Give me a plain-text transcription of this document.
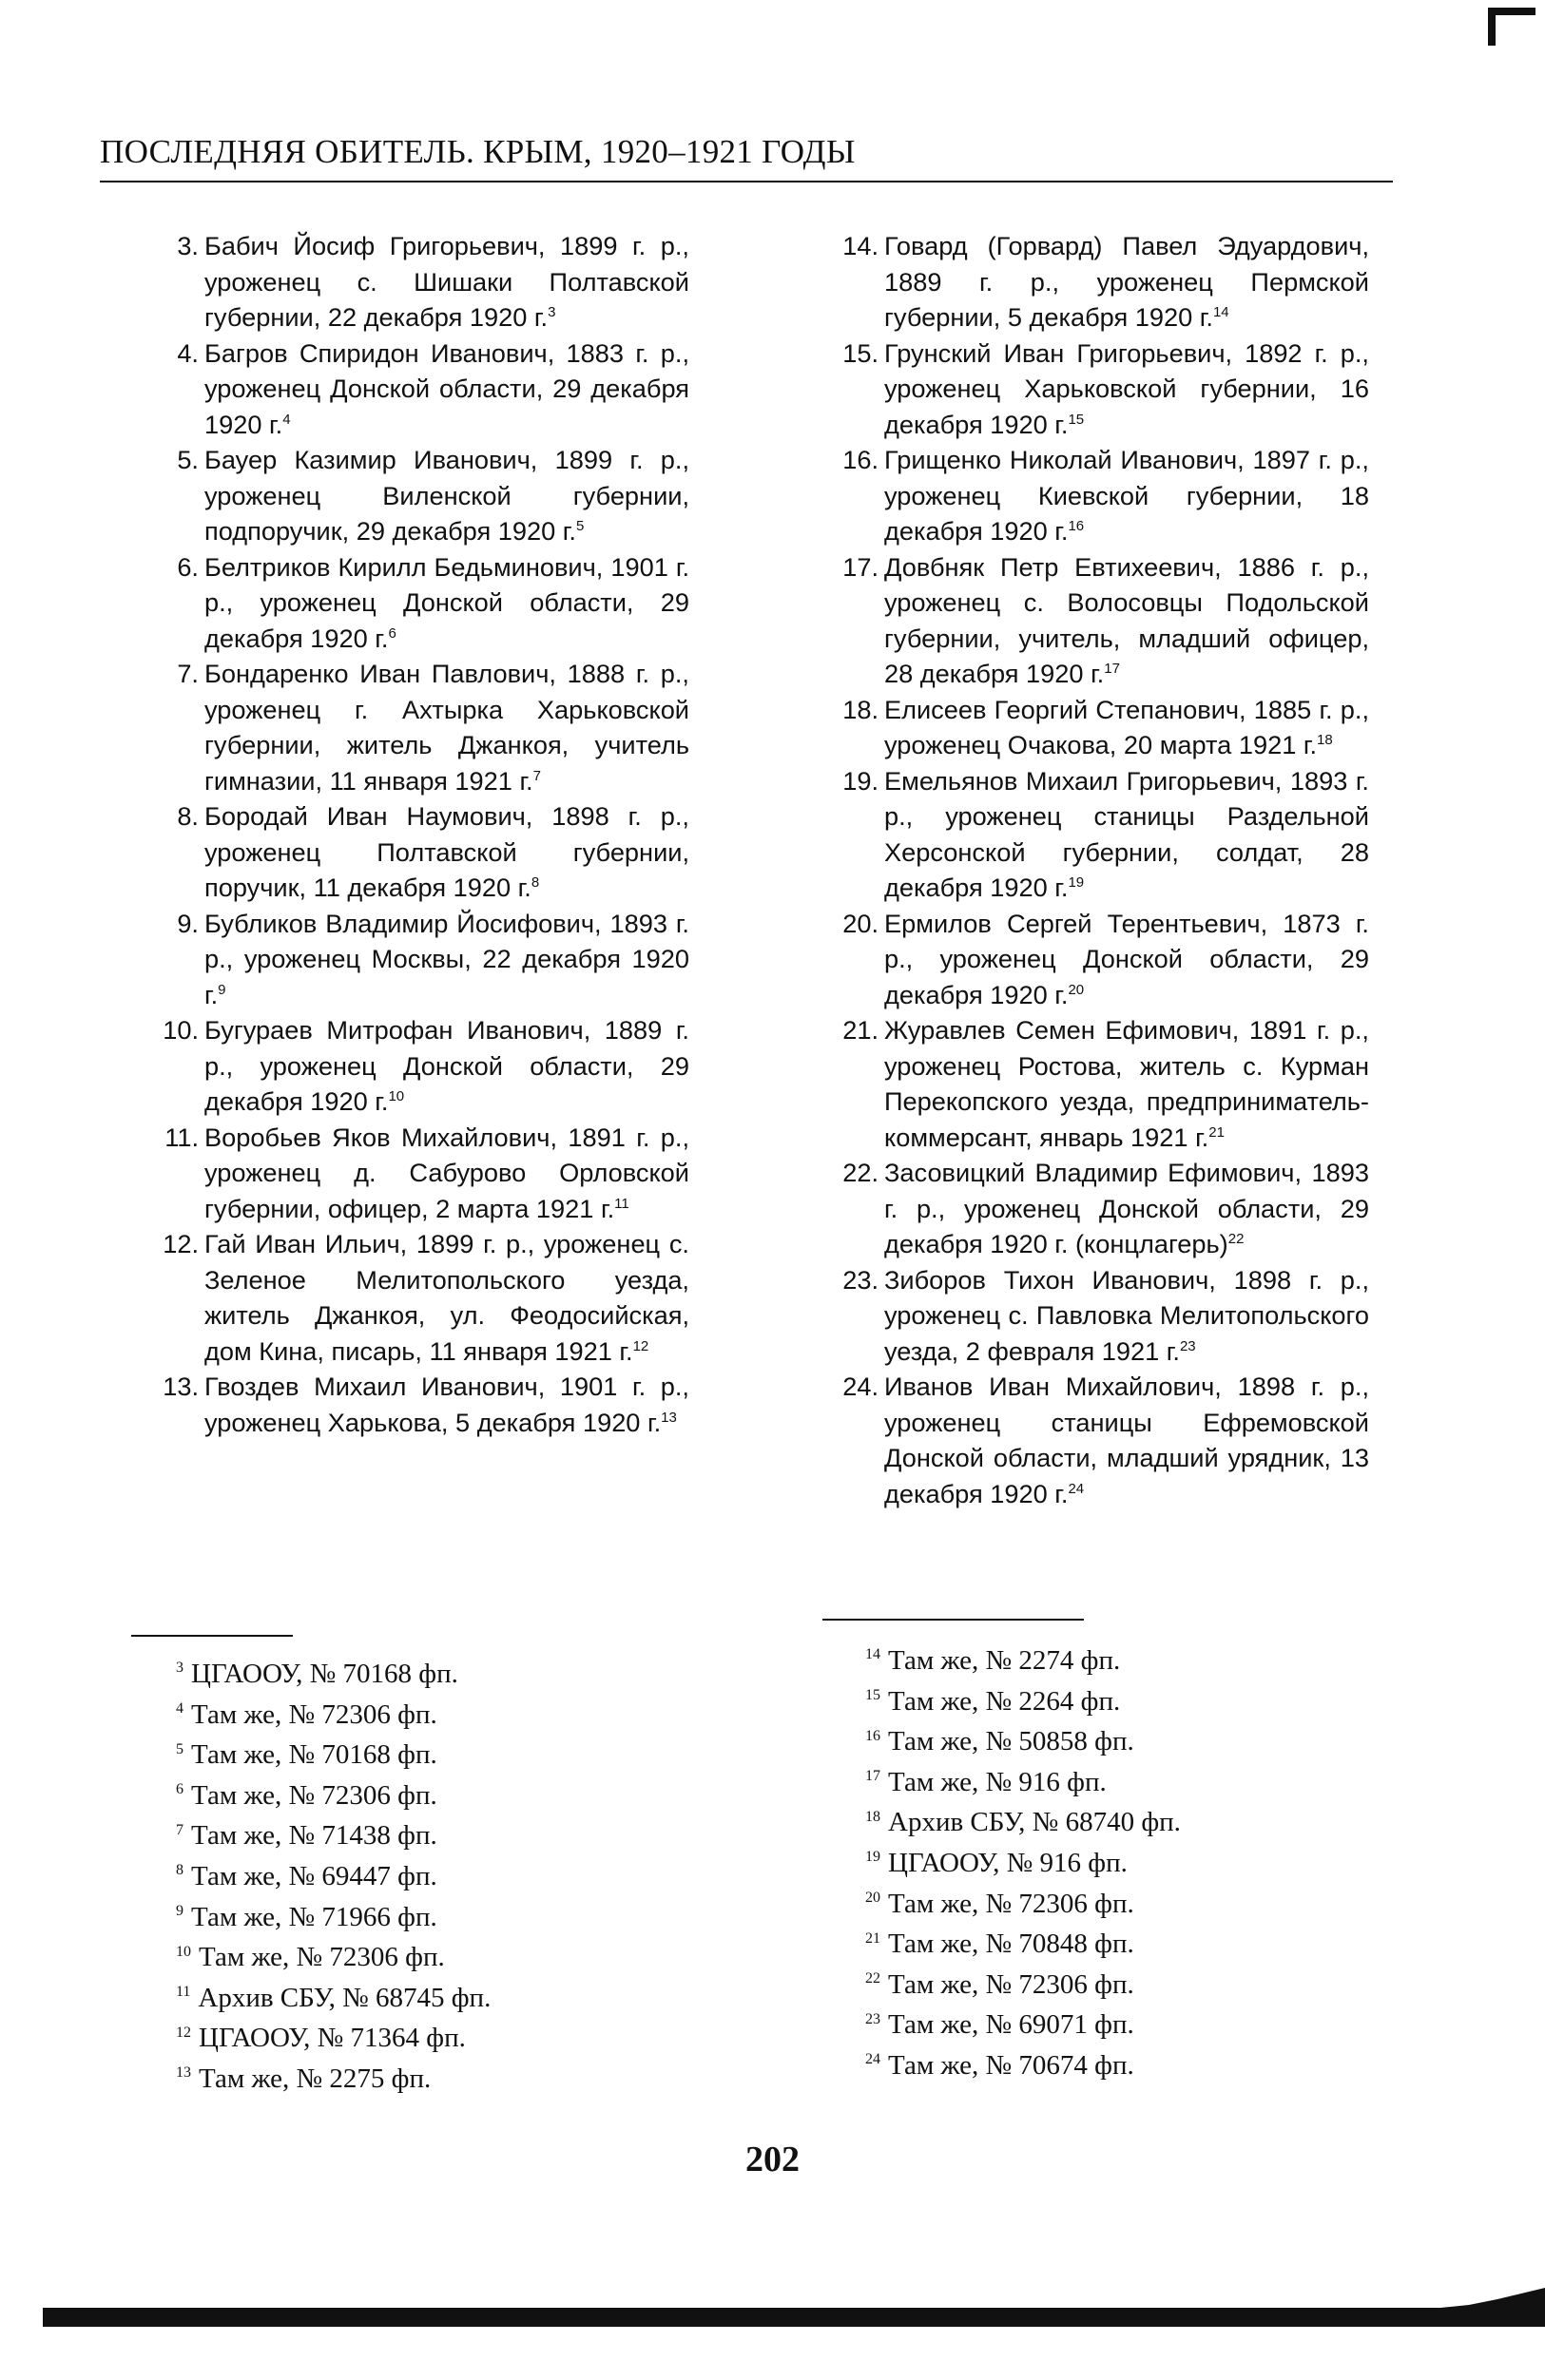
ПОСЛЕДНЯЯ ОБИТЕЛЬ. КРЫМ, 1920–1921 ГОДЫ

3. Бабич Йосиф Григорьевич, 1899 г. р., уроженец с. Шишаки Полтавской губернии, 22 декабря 1920 г.$^3$

4. Багров Спиридон Иванович, 1883 г. р., уроженец Донской области, 29 декабря 1920 г.$^4$

5. Бауер Казимир Иванович, 1899 г. р., уроженец Виленской губернии, подпоручик, 29 декабря 1920 г.$^5$

6. Белтриков Кирилл Бедьминович, 1901 г. р., уроженец Донской области, 29 декабря 1920 г.$^6$

7. Бондаренко Иван Павлович, 1888 г. р., уроженец г. Ахтырка Харьковской губернии, житель Джанкоя, учитель гимназии, 11 января 1921 г.$^7$

8. Бородай Иван Наумович, 1898 г. р., уроженец Полтавской губернии, поручик, 11 декабря 1920 г.$^8$

9. Бубликов Владимир Йосифович, 1893 г. р., уроженец Москвы, 22 декабря 1920 г.$^9$

10. Бугураев Митрофан Иванович, 1889 г. р., уроженец Донской области, 29 декабря 1920 г.$^{10}$

11. Воробьев Яков Михайлович, 1891 г. р., уроженец д. Сабурово Орловской губернии, офицер, 2 марта 1921 г.$^{11}$

12. Гай Иван Ильич, 1899 г. р., уроженец с. Зеленое Мелитопольского уезда, житель Джанкоя, ул. Феодосийская, дом Кина, писарь, 11 января 1921 г.$^{12}$

13. Гвоздев Михаил Иванович, 1901 г. р., уроженец Харькова, 5 декабря 1920 г.$^{13}$

14. Говард (Горвард) Павел Эдуардович, 1889 г. р., уроженец Пермской губернии, 5 декабря 1920 г.$^{14}$

15. Грунский Иван Григорьевич, 1892 г. р., уроженец Харьковской губернии, 16 декабря 1920 г.$^{15}$

16. Грищенко Николай Иванович, 1897 г. р., уроженец Киевской губернии, 18 декабря 1920 г.$^{16}$

17. Довбняк Петр Евтихеевич, 1886 г. р., уроженец с. Волосовцы Подольской губернии, учитель, младший офицер, 28 декабря 1920 г.$^{17}$

18. Елисеев Георгий Степанович, 1885 г. р., уроженец Очакова, 20 марта 1921 г.$^{18}$

19. Емельянов Михаил Григорьевич, 1893 г. р., уроженец станицы Раздельной Херсонской губернии, солдат, 28 декабря 1920 г.$^{19}$

20. Ермилов Сергей Терентьевич, 1873 г. р., уроженец Донской области, 29 декабря 1920 г.$^{20}$

21. Журавлев Семен Ефимович, 1891 г. р., уроженец Ростова, житель с. Курман Перекопского уезда, предприниматель-коммерсант, январь 1921 г.$^{21}$

22. Засовицкий Владимир Ефимович, 1893 г. р., уроженец Донской области, 29 декабря 1920 г. (концлагерь)$^{22}$

23. Зиборов Тихон Иванович, 1898 г. р., уроженец с. Павловка Мелитопольского уезда, 2 февраля 1921 г.$^{23}$

24. Иванов Иван Михайлович, 1898 г. р., уроженец станицы Ефремовской Донской области, младший урядник, 13 декабря 1920 г.$^{24}$

$^3$ ЦГАООУ, № 70168 фп.

$^4$ Там же, № 72306 фп.

$^5$ Там же, № 70168 фп.

$^6$ Там же, № 72306 фп.

$^7$ Там же, № 71438 фп.

$^8$ Там же, № 69447 фп.

$^9$ Там же, № 71966 фп.

$^{10}$ Там же, № 72306 фп.

$^{11}$ Архив СБУ, № 68745 фп.

$^{12}$ ЦГАООУ, № 71364 фп.

$^{13}$ Там же, № 2275 фп.

$^{14}$ Там же, № 2274 фп.

$^{15}$ Там же, № 2264 фп.

$^{16}$ Там же, № 50858 фп.

$^{17}$ Там же, № 916 фп.

$^{18}$ Архив СБУ, № 68740 фп.

$^{19}$ ЦГАООУ, № 916 фп.

$^{20}$ Там же, № 72306 фп.

$^{21}$ Там же, № 70848 фп.

$^{22}$ Там же, № 72306 фп.

$^{23}$ Там же, № 69071 фп.

$^{24}$ Там же, № 70674 фп.

202
